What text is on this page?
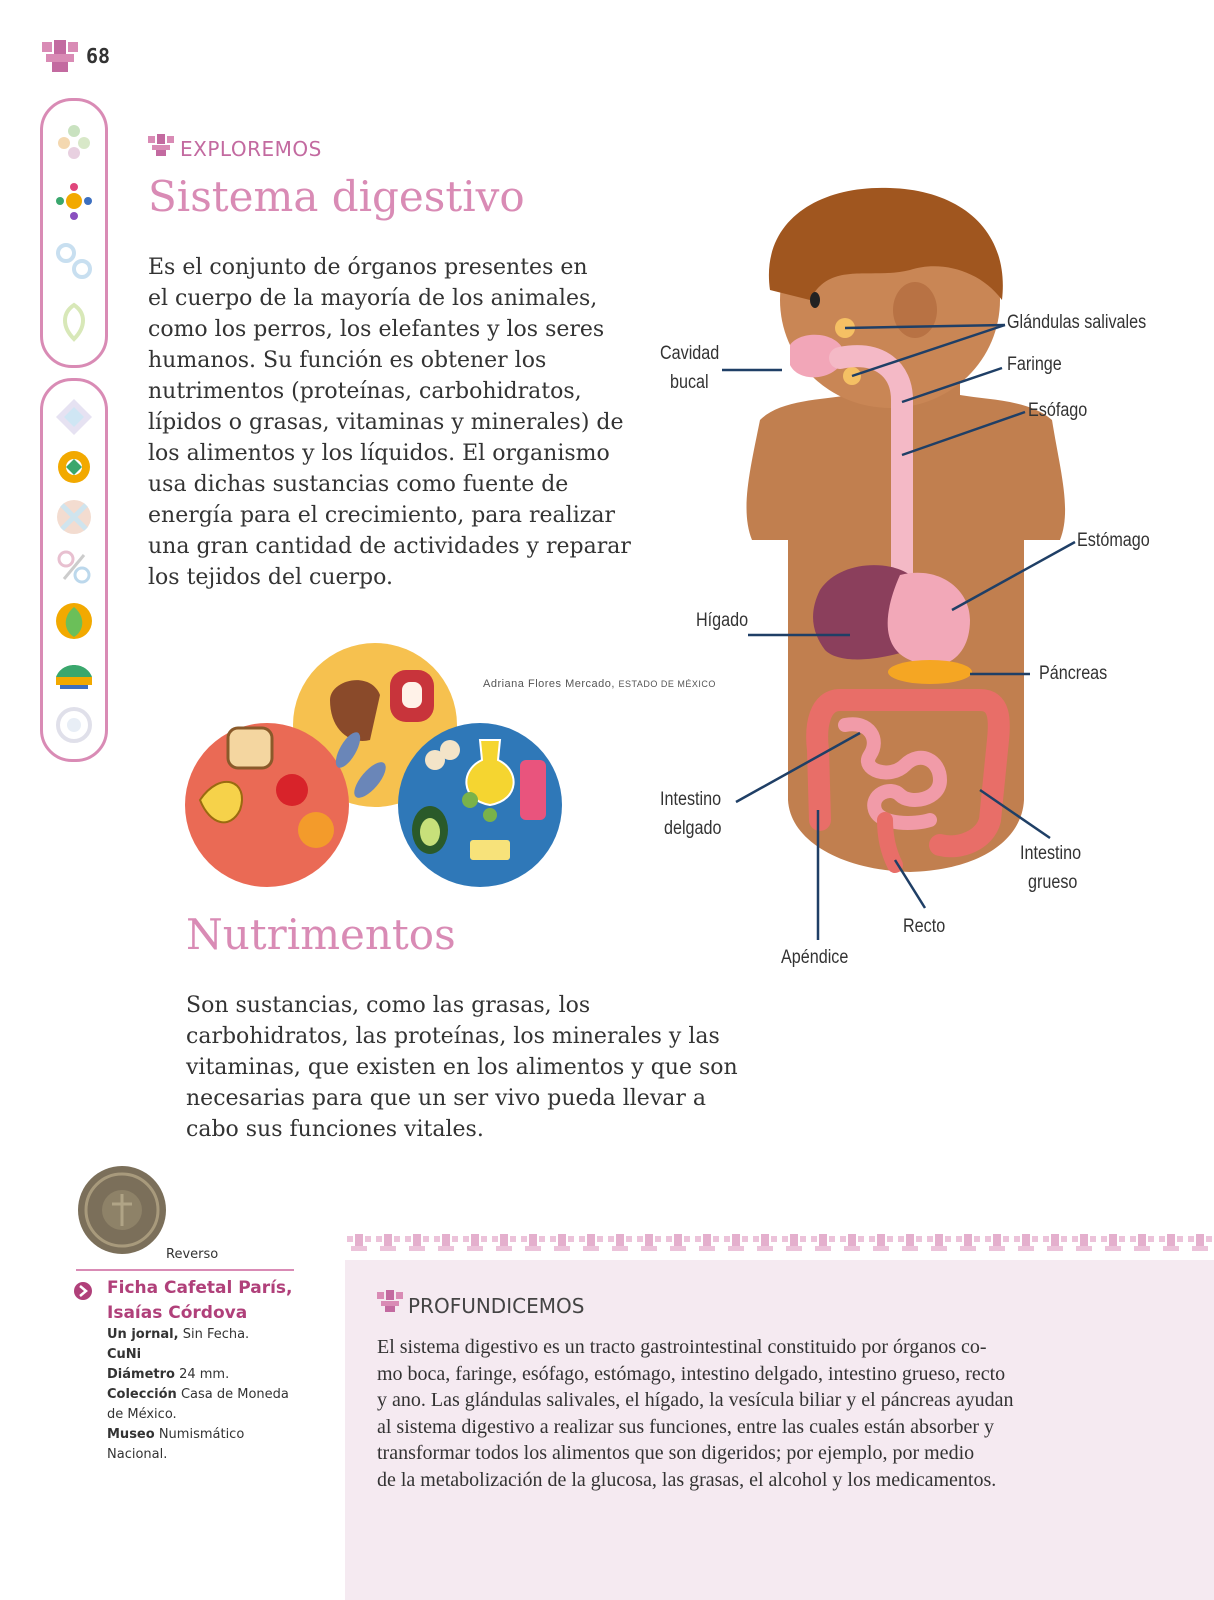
68
EXPLOREMOS
Sistema digestivo
Es el conjunto de órganos presentes en
el cuerpo de la mayoría de los animales,
como los perros, los elefantes y los seres
humanos. Su función es obtener los
nutrimentos (proteínas, carbohidratos,
lípidos o grasas, vitaminas y minerales) de
los alimentos y los líquidos. El organismo
usa dichas sustancias como fuente de
energía para el crecimiento, para realizar
una gran cantidad de actividades y reparar
los tejidos del cuerpo.
Adriana Flores Mercado, ESTADO DE MÉXICO
Glándulas salivales
Faringe
Esófago
Cavidad
bucal
Estómago
Hígado
Páncreas
Intestino
delgado
Intestino
grueso
Recto
Apéndice
Nutrimentos
Son sustancias, como las grasas, los
carbohidratos, las proteínas, los minerales y las
vitaminas, que existen en los alimentos y que son
necesarias para que un ser vivo pueda llevar a
cabo sus funciones vitales.
Reverso
Ficha Cafetal París,
Isaías Córdova
Un jornal, Sin Fecha.
CuNi
Diámetro 24 mm.
Colección Casa de Moneda
de México.
Museo Numismático
Nacional.
PROFUNDICEMOS
El sistema digestivo es un tracto gastrointestinal constituido por órganos co-
mo boca, faringe, esófago, estómago, intestino delgado, intestino grueso, recto
y ano. Las glándulas salivales, el hígado, la vesícula biliar y el páncreas ayudan
al sistema digestivo a realizar sus funciones, entre las cuales están absorber y
transformar todos los alimentos que son digeridos; por ejemplo, por medio
de la metabolización de la glucosa, las grasas, el alcohol y los medicamentos.
